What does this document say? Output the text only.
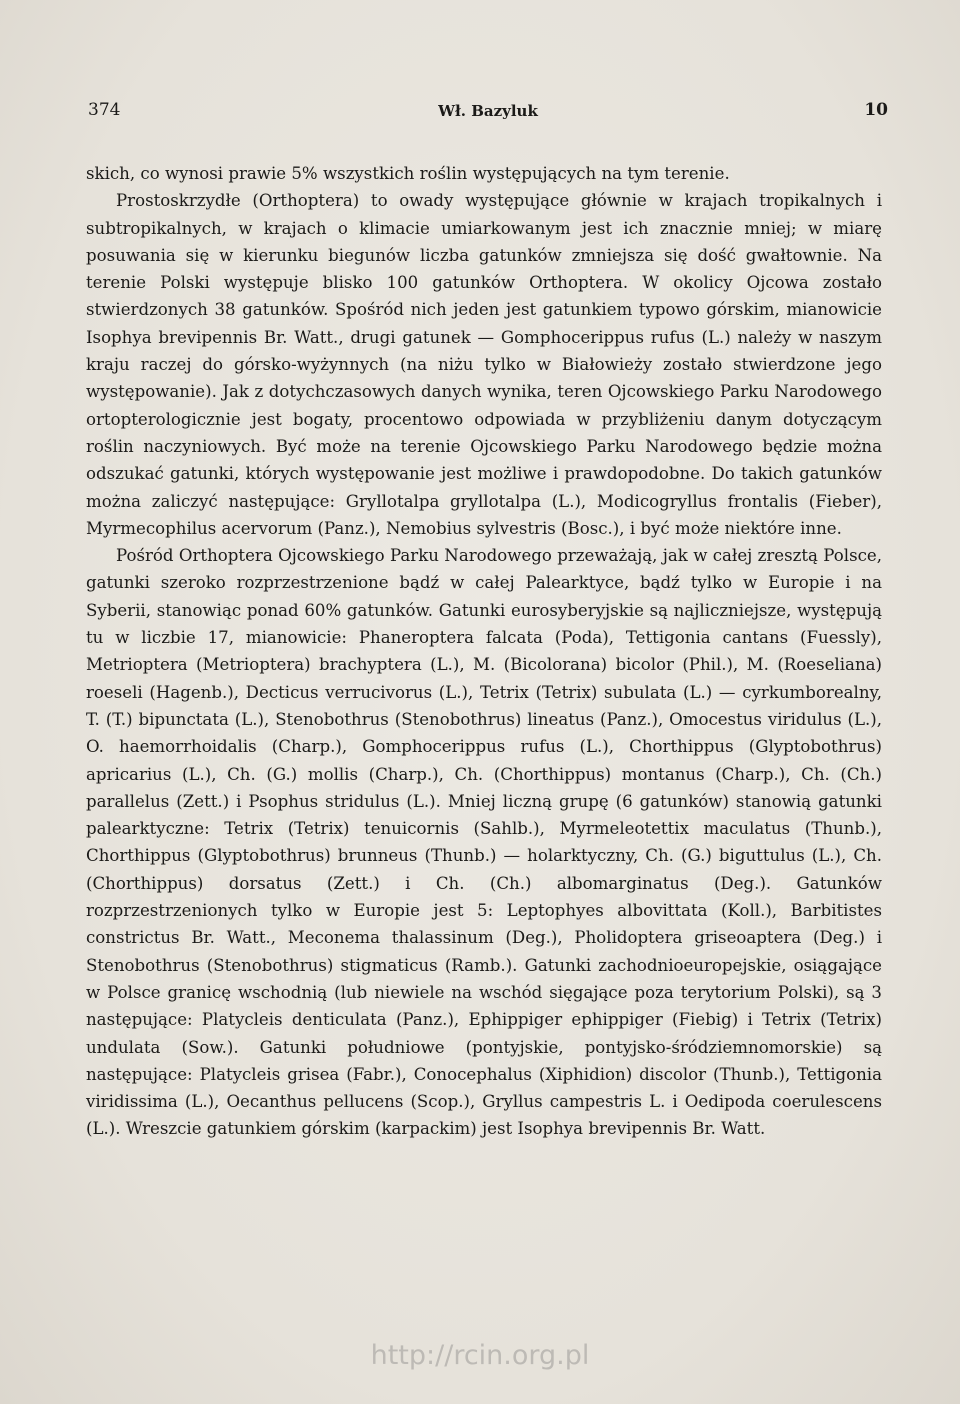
374	Wł. Bazyluk	10

skich, co wynosi prawie 5% wszystkich roślin występujących na tym terenie.

Prostoskrzydłe (Orthoptera) to owady występujące głównie w krajach tropikalnych i subtropikalnych, w krajach o klimacie umiarkowanym jest ich znacznie mniej; w miarę posuwania się w kierunku biegunów liczba gatunków zmniejsza się dość gwałtownie. Na terenie Polski występuje blisko 100 gatunków Orthoptera. W okolicy Ojcowa zostało stwierdzonych 38 gatunków. Spośród nich jeden jest gatunkiem typowo górskim, mianowicie Isophya brevipennis Br. Watt., drugi gatunek — Gomphocerippus rufus (L.) należy w naszym kraju raczej do górsko-wyżynnych (na niżu tylko w Białowieży zostało stwierdzone jego występowanie). Jak z dotychczasowych danych wynika, teren Ojcowskiego Parku Narodowego ortopterologicznie jest bogaty, procentowo odpowiada w przybliżeniu danym dotyczącym roślin naczyniowych. Być może na terenie Ojcowskiego Parku Narodowego będzie można odszukać gatunki, których występowanie jest możliwe i prawdopodobne. Do takich gatunków można zaliczyć następujące: Gryllotalpa gryllotalpa (L.), Modicogryllus frontalis (Fieber), Myrmecophilus acervorum (Panz.), Nemobius sylvestris (Bosc.), i być może niektóre inne.

Pośród Orthoptera Ojcowskiego Parku Narodowego przeważają, jak w całej zresztą Polsce, gatunki szeroko rozprzestrzenione bądź w całej Palearktyce, bądź tylko w Europie i na Syberii, stanowiąc ponad 60% gatunków. Gatunki eurosyberyjskie są najliczniejsze, występują tu w liczbie 17, mianowicie: Phaneroptera falcata (Poda), Tettigonia cantans (Fuessly), Metrioptera (Metrioptera) brachyptera (L.), M. (Bicolorana) bicolor (Phil.), M. (Roeseliana) roeseli (Hagenb.), Decticus verrucivorus (L.), Tetrix (Tetrix) subulata (L.) — cyrkumborealny, T. (T.) bipunctata (L.), Stenobothrus (Stenobothrus) lineatus (Panz.), Omocestus viridulus (L.), O. haemorrhoidalis (Charp.), Gomphocerippus rufus (L.), Chorthippus (Glyptobothrus) apricarius (L.), Ch. (G.) mollis (Charp.), Ch. (Chorthippus) montanus (Charp.), Ch. (Ch.) parallelus (Zett.) i Psophus stridulus (L.). Mniej liczną grupę (6 gatunków) stanowią gatunki palearktyczne: Tetrix (Tetrix) tenuicornis (Sahlb.), Myrmeleotettix maculatus (Thunb.), Chorthippus (Glyptobothrus) brunneus (Thunb.) — holarktyczny, Ch. (G.) biguttulus (L.), Ch. (Chorthippus) dorsatus (Zett.) i Ch. (Ch.) albomarginatus (Deg.). Gatunków rozprzestrzenionych tylko w Europie jest 5: Leptophyes albovittata (Koll.), Barbitistes constrictus Br. Watt., Meconema thalassinum (Deg.), Pholidoptera griseoaptera (Deg.) i Stenobothrus (Stenobothrus) stigmaticus (Ramb.). Gatunki zachodnioeuropejskie, osiągające w Polsce granicę wschodnią (lub niewiele na wschód sięgające poza terytorium Polski), są 3 następujące: Platycleis denticulata (Panz.), Ephippiger ephippiger (Fiebig) i Tetrix (Tetrix) undulata (Sow.). Gatunki południowe (pontyjskie, pontyjsko-śródziemnomorskie) są następujące: Platycleis grisea (Fabr.), Conocephalus (Xiphidion) discolor (Thunb.), Tettigonia viridissima (L.), Oecanthus pellucens (Scop.), Gryllus campestris L. i Oedipoda coerulescens (L.). Wreszcie gatunkiem górskim (karpackim) jest Isophya brevipennis Br. Watt.

http://rcin.org.pl
